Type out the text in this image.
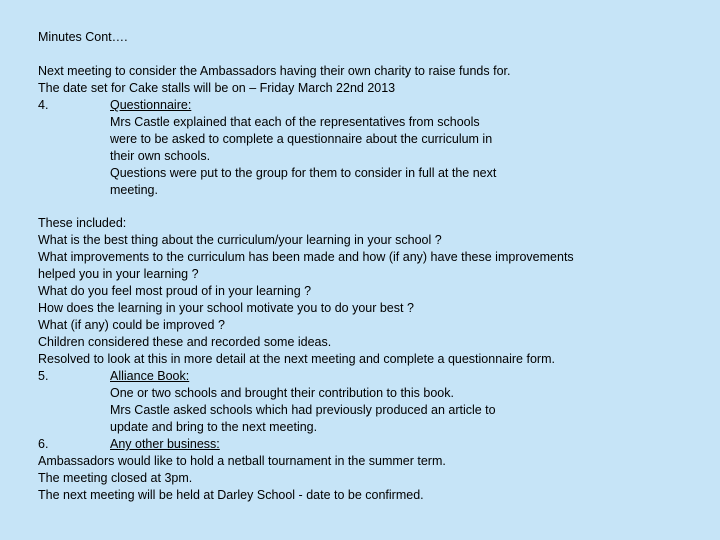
Minutes Cont….
Next meeting to consider the Ambassadors having their own charity to raise funds for.
The date set for Cake stalls will be on – Friday March 22nd 2013
4.	Questionnaire:
Mrs Castle explained that each of the representatives from schools
were to be asked to complete a questionnaire about the curriculum in
their own schools.
Questions were put to the group for them to consider in full at the next
meeting.
These included:
What is the best thing about the curriculum/your learning in your school ?
What improvements to the curriculum has been made and how (if any) have these improvements
helped you in your learning ?
What do you feel most proud of in your learning ?
How does the learning in your school motivate you to do your best ?
What (if any) could be improved ?
Children considered these and recorded some ideas.
Resolved to look at this in more detail at the next meeting and complete a questionnaire form.
5.	Alliance Book:
One or two schools and brought their contribution to this book.
Mrs Castle asked schools which had previously produced an article to
update and bring to the next meeting.
6.	Any other business:
Ambassadors would like to hold a netball tournament in the summer term.
The meeting closed at 3pm.
The next meeting will be held at Darley School - date to be confirmed.
